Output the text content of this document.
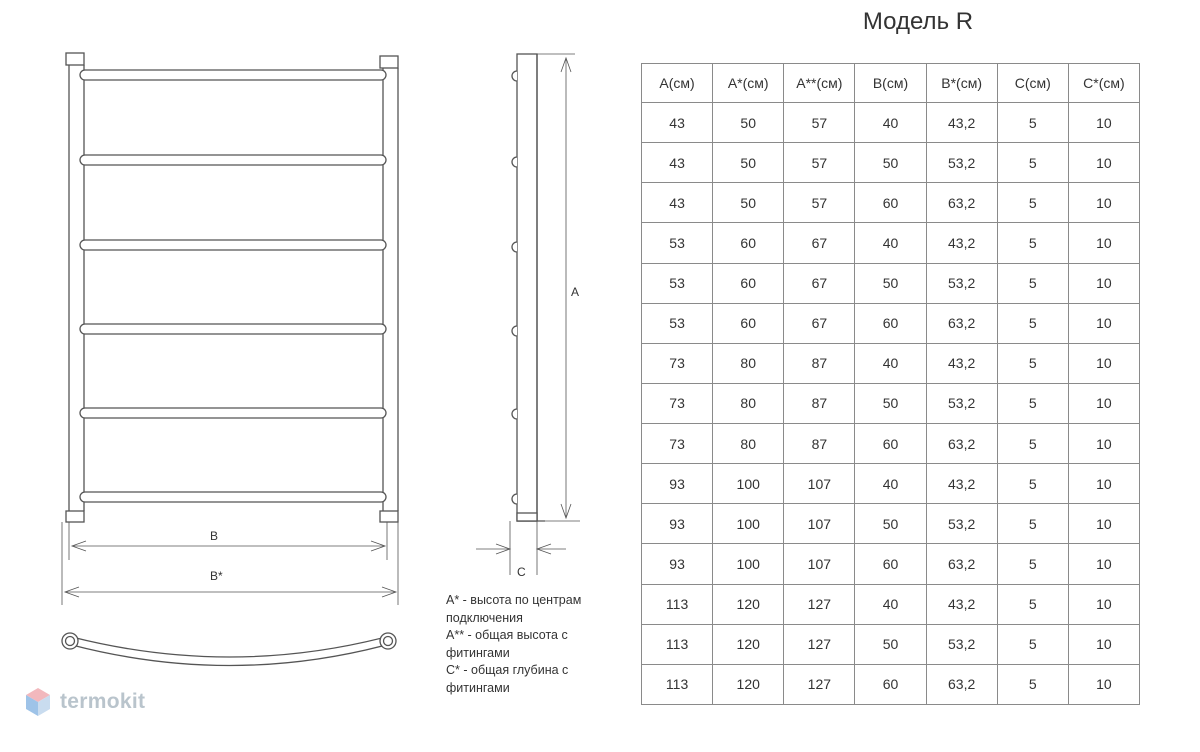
B
B*
A
C
Модель R
A(см)	A*(см)	A**(см)	B(см)	B*(см)	C(см)	C*(см)
43	50	57	40	43,2	5	10
43	50	57	50	53,2	5	10
43	50	57	60	63,2	5	10
53	60	67	40	43,2	5	10
53	60	67	50	53,2	5	10
53	60	67	60	63,2	5	10
73	80	87	40	43,2	5	10
73	80	87	50	53,2	5	10
73	80	87	60	63,2	5	10
93	100	107	40	43,2	5	10
93	100	107	50	53,2	5	10
93	100	107	60	63,2	5	10
113	120	127	40	43,2	5	10
113	120	127	50	53,2	5	10
113	120	127	60	63,2	5	10
A* - высота по центрам подключения
A** - общая высота с фитингами
C* - общая глубина с фитингами
termokit
